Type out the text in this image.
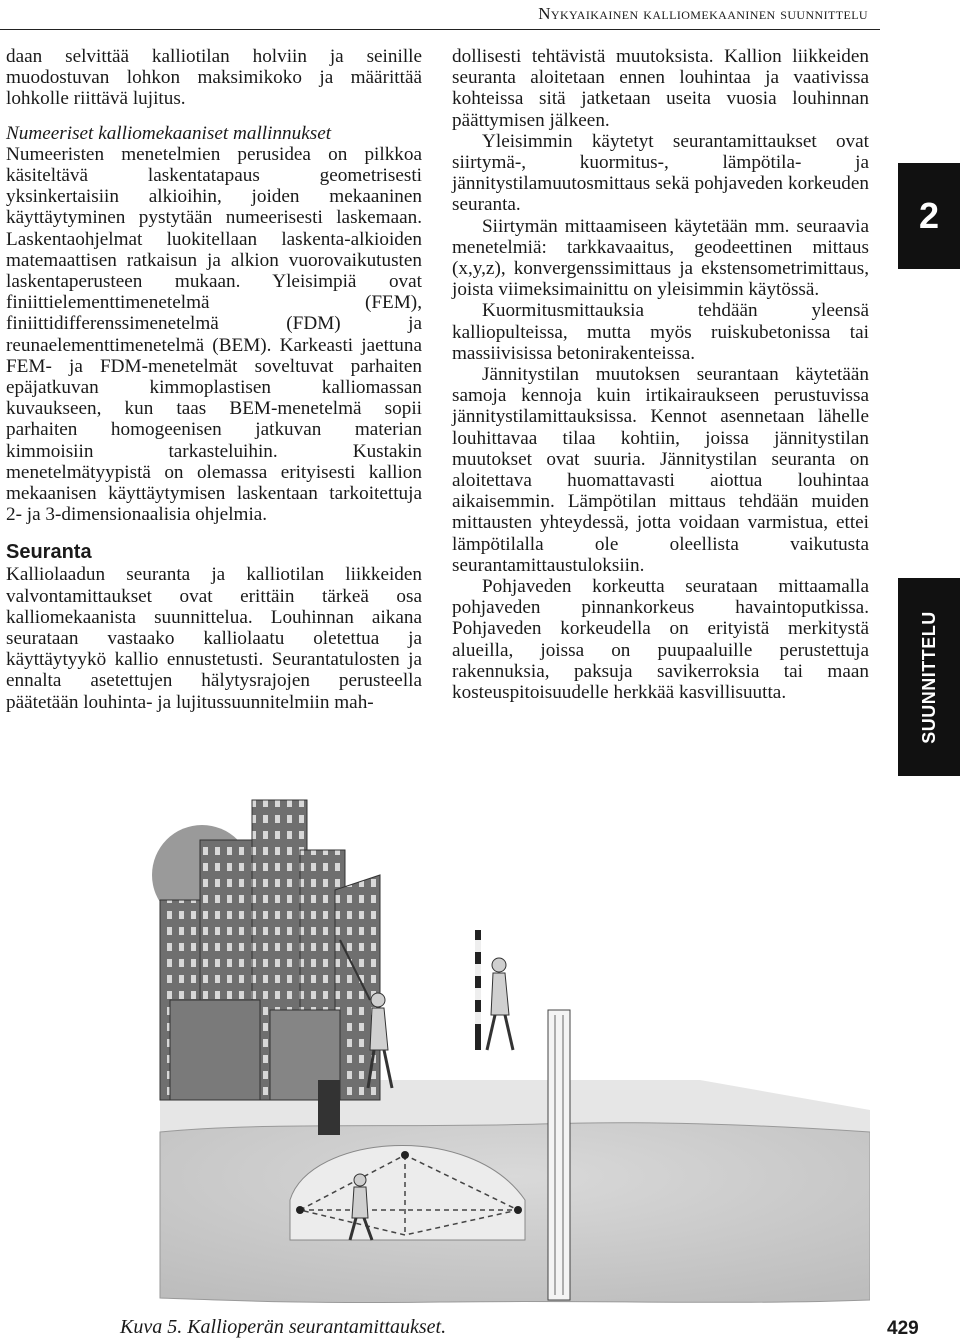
Nykyaikainen kalliomekaaninen suunnittelu

daan selvittää kalliotilan holviin ja seinille muodostuvan lohkon maksimikoko ja määrittää lohkolle riittävä lujitus.

Numeeriset kalliomekaaniset mallinnukset

Numeeristen menetelmien perusidea on pilkkoa käsiteltävä laskentatapaus geometrisesti yksinkertaisiin alkioihin, joiden mekaaninen käyttäytyminen pystytään numeerisesti laskemaan. Laskentaohjelmat luokitellaan laskenta-alkioiden matemaattisen ratkaisun ja alkion vuorovaikutusten laskentaperusteen mukaan. Yleisimpiä ovat finiittielementtimenetelmä (FEM), finiittidifferenssimenetelmä (FDM) ja reunaelementtimenetelmä (BEM). Karkeasti jaettuna FEM- ja FDM-menetelmät soveltuvat parhaiten epäjatkuvan kimmoplastisen kalliomassan kuvaukseen, kun taas BEM-menetelmä sopii parhaiten homogeenisen jatkuvan materian kimmoisiin tarkasteluihin. Kustakin menetelmätyypistä on olemassa erityisesti kallion mekaanisen käyttäytymisen laskentaan tarkoitettuja 2- ja 3-dimensionaalisia ohjelmia.

Seuranta

Kalliolaadun seuranta ja kalliotilan liikkeiden valvontamittaukset ovat erittäin tärkeä osa kalliomekaanista suunnittelua. Louhinnan aikana seurataan vastaako kalliolaatu oletettua ja käyttäytyykö kallio ennustetusti. Seurantatulosten ja ennalta asetettujen hälytysrajojen perusteella päätetään louhinta- ja lujitussuunnitelmiin mah-

dollisesti tehtävistä muutoksista. Kallion liikkeiden seuranta aloitetaan ennen louhintaa ja vaativissa kohteissa sitä jatketaan useita vuosia louhinnan päättymisen jälkeen.

Yleisimmin käytetyt seurantamittaukset ovat siirtymä-, kuormitus-, lämpötila- ja jännitystilamuutosmittaus sekä pohjaveden korkeuden seuranta.

Siirtymän mittaamiseen käytetään mm. seuraavia menetelmiä: tarkkavaaitus, geodeettinen mittaus (x,y,z), konvergenssimittaus ja ekstensometrimittaus, joista viimeksimainittu on yleisimmin käytössä.

Kuormitusmittauksia tehdään yleensä kalliopulteissa, mutta myös ruiskubetonissa tai massiivisissa betonirakenteissa.

Jännitystilan muutoksen seurantaan käytetään samoja kennoja kuin irtikairaukseen perustuvissa jännitystilamittauksissa. Kennot asennetaan lähelle louhittavaa tilaa kohtiin, joissa jännitystilan muutokset ovat suuria. Jännitystilan seuranta on aloitettava huomattavasti aiottua louhintaa aikaisemmin. Lämpötilan mittaus tehdään muiden mittausten yhteydessä, jotta voidaan varmistua, ettei lämpötilalla ole oleellista vaikutusta seurantamittaustuloksiin.

Pohjaveden korkeutta seurataan mittaamalla pohjaveden pinnankorkeus havaintoputkissa. Pohjaveden korkeudella on erityistä merkitystä alueilla, joissa on puupaaluille perustettuja rakennuksia, paksuja savikerroksia tai maan kosteuspitoisuudelle herkkää kasvillisuutta.

2
SUUNNITTELU
Kuva 5. Kallioperän seurantamittaukset.	429
